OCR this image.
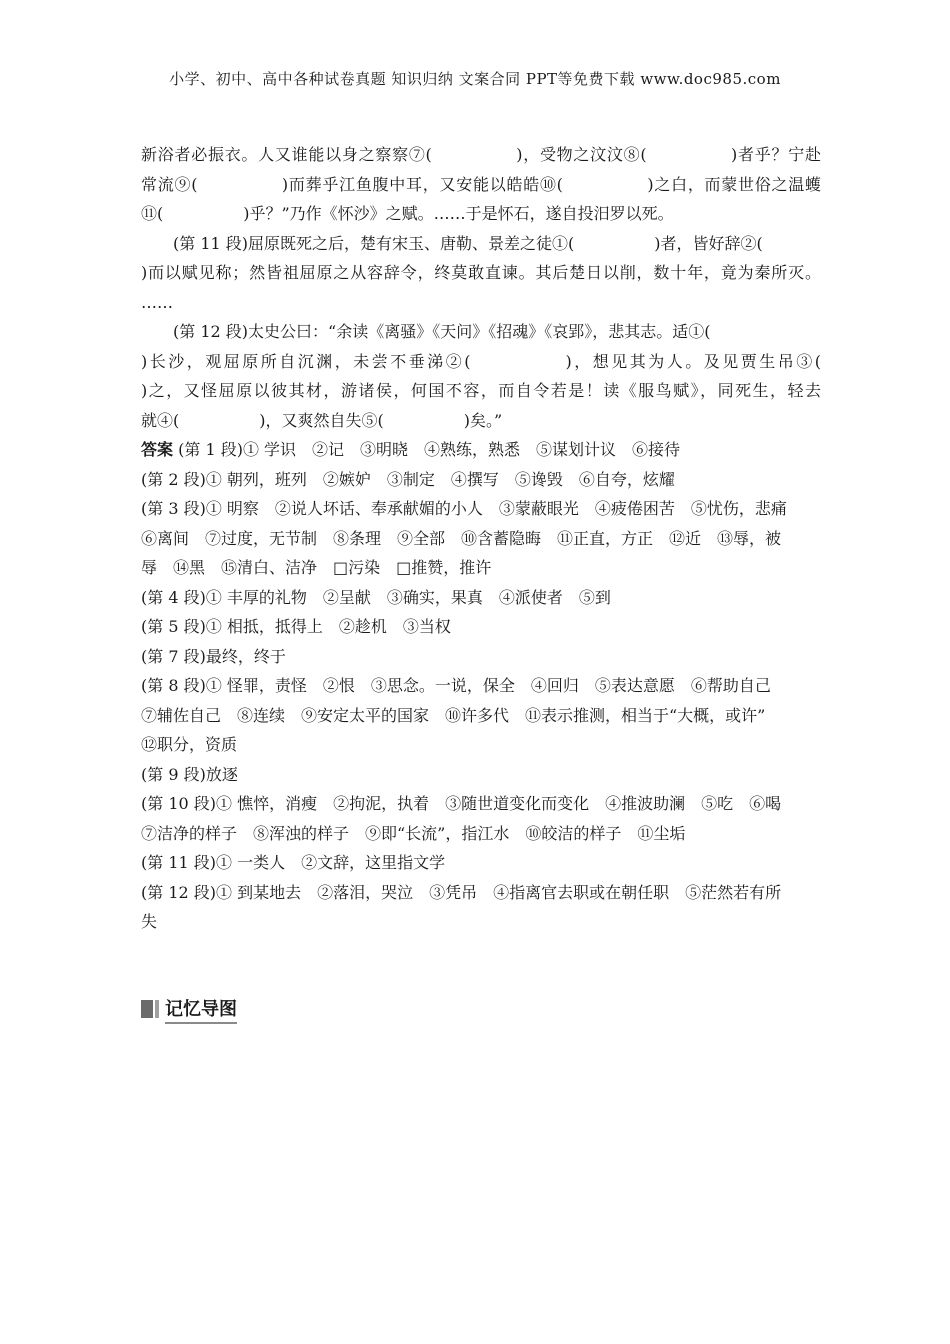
小学、初中、高中各种试卷真题 知识归纳 文案合同 PPT等免费下载 www.doc985.com
新浴者必振衣。人又谁能以身之察察⑦(　　　　　)，受物之汶汶⑧(　　　　　)者乎？宁赴
常流⑨(　　　　　)而葬乎江鱼腹中耳，又安能以皓皓⑩(　　　　　)之白，而蒙世俗之温蠖
⑪(　　　　　)乎？”乃作《怀沙》之赋。……于是怀石，遂自投汨罗以死。
(第 11 段)屈原既死之后，楚有宋玉、唐勒、景差之徒①(　　　　　)者，皆好辞②(
)而以赋见称；然皆祖屈原之从容辞令，终莫敢直谏。其后楚日以削，数十年，竟为秦所灭。
……
(第 12 段)太史公曰：“余读《离骚》《天问》《招魂》《哀郢》，悲其志。适①(
)长沙，观屈原所自沉渊，未尝不垂涕②(　　　　　)，想见其为人。及见贾生吊③(
)之，又怪屈原以彼其材，游诸侯，何国不容，而自令若是！读《服鸟赋》，同死生，轻去
就④(　　　　　)，又爽然自失⑤(　　　　　)矣。”
答案 (第 1 段)① 学识　②记　③明晓　④熟练，熟悉　⑤谋划计议　⑥接待
(第 2 段)① 朝列，班列　②嫉妒　③制定　④撰写　⑤谗毁　⑥自夸，炫耀
(第 3 段)① 明察　②说人坏话、奉承献媚的小人　③蒙蔽眼光　④疲倦困苦　⑤忧伤，悲痛
⑥离间　⑦过度，无节制　⑧条理　⑨全部　⑩含蓄隐晦　⑪正直，方正　⑫近　⑬辱，被
辱　⑭黑　⑮清白、洁净　□污染　□推赞，推许
(第 4 段)① 丰厚的礼物　②呈献　③确实，果真　④派使者　⑤到
(第 5 段)① 相抵，抵得上　②趁机　③当权
(第 7 段)最终，终于
(第 8 段)① 怪罪，责怪　②恨　③思念。一说，保全　④回归　⑤表达意愿　⑥帮助自己
⑦辅佐自己　⑧连续　⑨安定太平的国家　⑩许多代　⑪表示推测，相当于“大概，或许”
⑫职分，资质
(第 9 段)放逐
(第 10 段)① 憔悴，消瘦　②拘泥，执着　③随世道变化而变化　④推波助澜　⑤吃　⑥喝
⑦洁净的样子　⑧浑浊的样子　⑨即“长流”，指江水　⑩皎洁的样子　⑪尘垢
(第 11 段)① 一类人　②文辞，这里指文学
(第 12 段)① 到某地去　②落泪，哭泣　③凭吊　④指离官去职或在朝任职　⑤茫然若有所
失
记忆导图
